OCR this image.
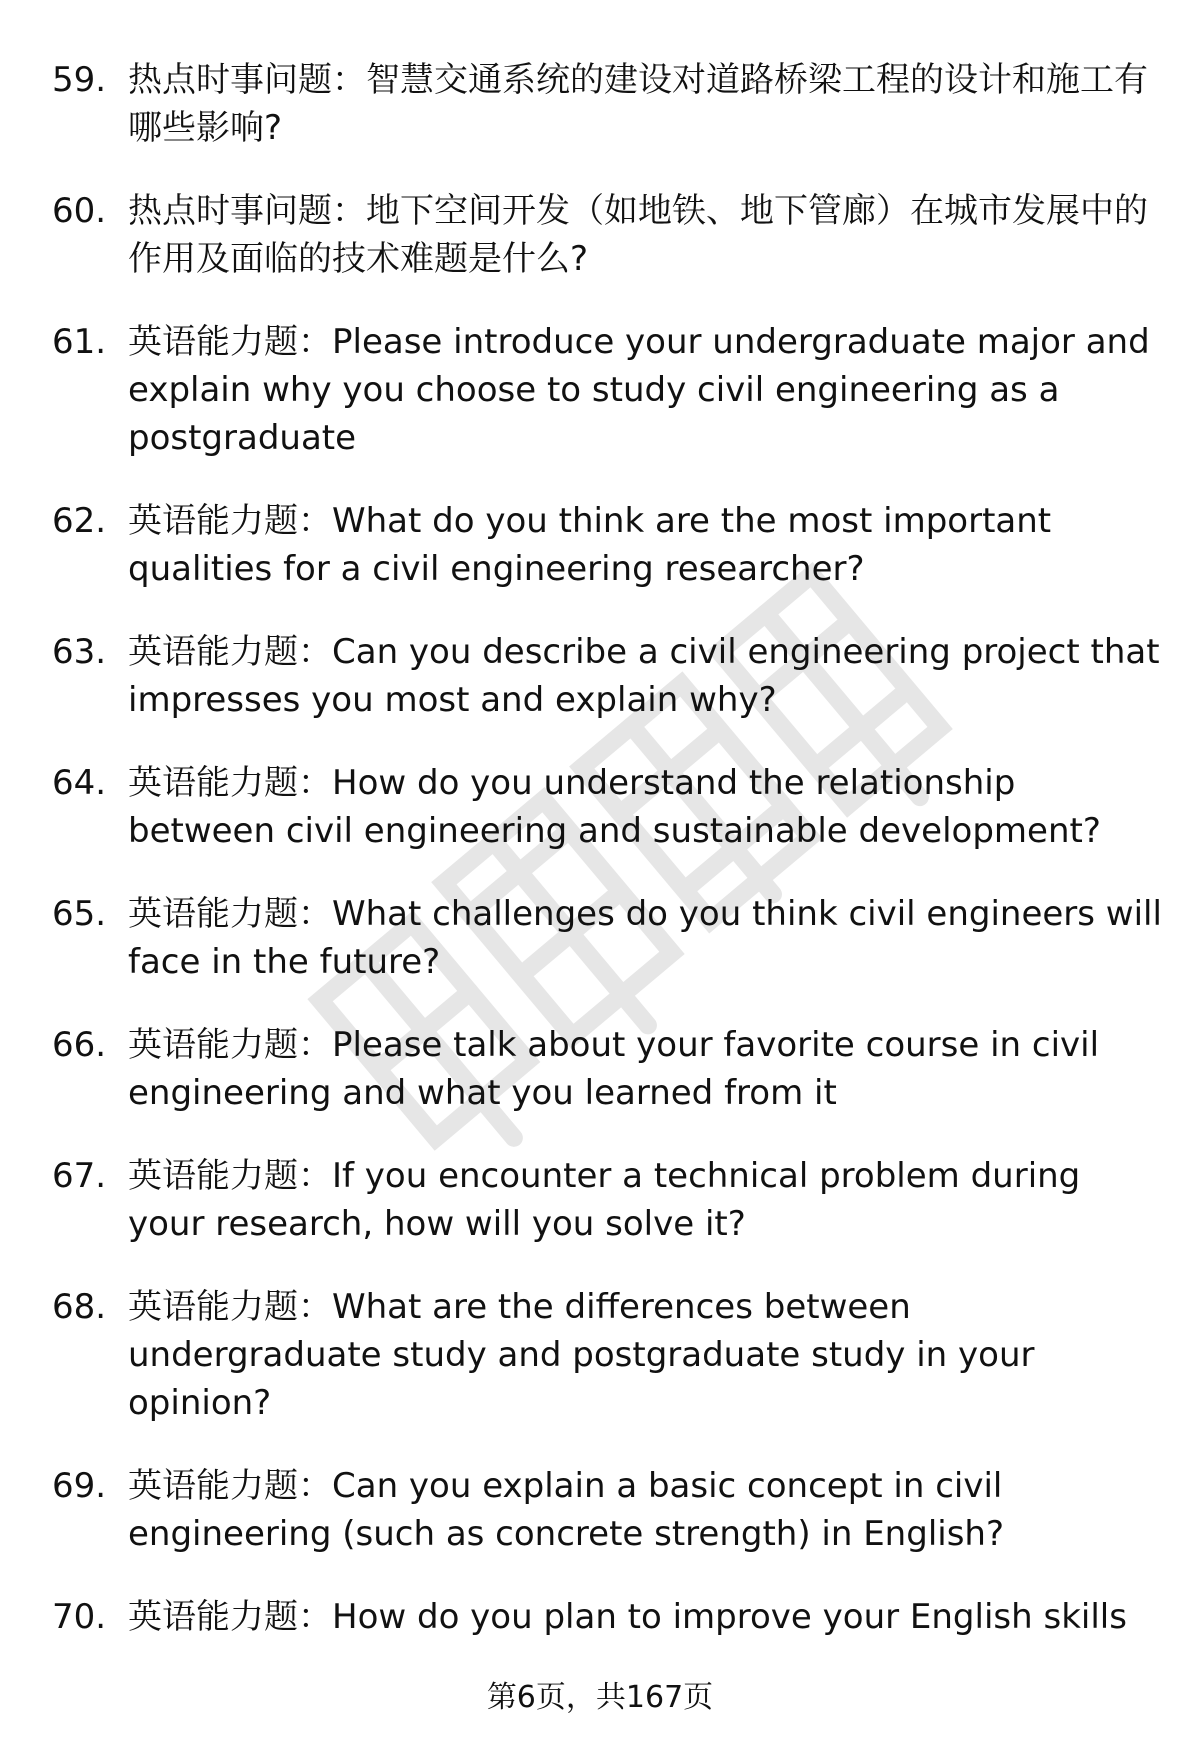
59. 热点时事问题：智慧交通系统的建设对道路桥梁工程的设计和施工有哪些影响?
60. 热点时事问题：地下空间开发（如地铁、地下管廊）在城市发展中的作用及面临的技术难题是什么?
61. 英语能力题：Please introduce your undergraduate major and explain why you choose to study civil engineering as a postgraduate
62. 英语能力题：What do you think are the most important qualities for a civil engineering researcher?
63. 英语能力题：Can you describe a civil engineering project that impresses you most and explain why?
64. 英语能力题：How do you understand the relationship between civil engineering and sustainable development?
65. 英语能力题：What challenges do you think civil engineers will face in the future?
66. 英语能力题：Please talk about your favorite course in civil engineering and what you learned from it
67. 英语能力题：If you encounter a technical problem during your research, how will you solve it?
68. 英语能力题：What are the differences between undergraduate study and postgraduate study in your opinion?
69. 英语能力题：Can you explain a basic concept in civil engineering (such as concrete strength) in English?
70. 英语能力题：How do you plan to improve your English skills
第6页，共167页
